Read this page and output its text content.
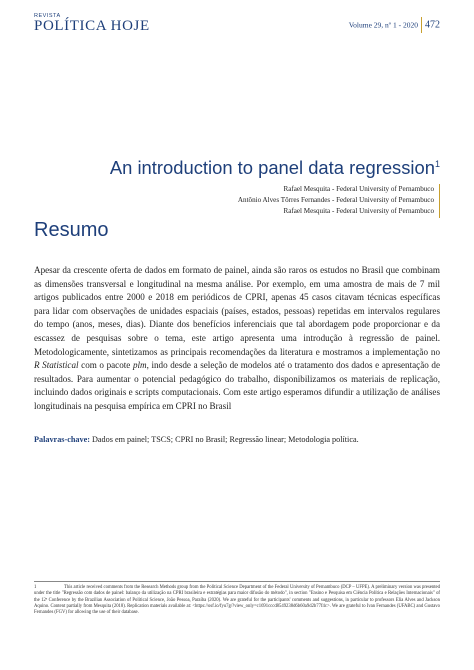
REVISTA
POLÍTICA HOJE	Volume 29, nº 1 - 2020 472
An introduction to panel data regression$^1$
Rafael Mesquita - Federal University of Pernambuco
Antônio Alves Tôrres Fernandes - Federal University of Pernambuco
Rafael Mesquita - Federal University of Pernambuco
Resumo

Apesar da crescente oferta de dados em formato de painel, ainda são raros os estudos no Brasil que combinam as dimensões transversal e longitudinal na mesma análise. Por exemplo, em uma amostra de mais de 7 mil artigos publicados entre 2000 e 2018 em periódicos de CPRI, apenas 45 casos citavam técnicas específicas para lidar com observações de unidades espaciais (países, estados, pessoas) repetidas em intervalos regulares do tempo (anos, meses, dias). Diante dos benefícios inferenciais que tal abordagem pode proporcionar e da escassez de pesquisas sobre o tema, este artigo apresenta uma introdução à regressão de painel. Metodologicamente, sintetizamos as principais recomendações da literatura e mostramos a implementação no R Statistical com o pacote plm, indo desde a seleção de modelos até o tratamento dos dados e apresentação de resultados. Para aumentar o potencial pedagógico do trabalho, disponibilizamos os materiais de replicação, incluindo dados originais e scripts computacionais. Com este artigo esperamos difundir a utilização de análises longitudinais na pesquisa empírica em CPRI no Brasil

Palavras-chave: Dados em painel; TSCS; CPRI no Brasil; Regressão linear; Metodologia política.
1	This article received comments from the Research Methods group from the Political Science Department of the Federal University of Pernambuco (DCP – UFPE). A preliminary version was presented under the title "Regressão com dados de painel: balanço da utilização na CPRI brasileira e estratégias para maior difusão do método", in section "Ensino e Pesquisa em Ciência Política e Relações Internacionais" of the 12ª Conference by the Brazilian Association of Political Science, João Pessoa, Paraíba (2020). We are grateful for the participants' comments and suggestions, in particular to professors Elia Alves and Jackson Aquino. Content partially from Mesquita (2018). Replication materials available at: <https://osf.io/fyu7g/?view_only=c1691cccd8549238d6b60a9d2b77f4c>. We are grateful to Ivan Fernandes (UFABC) and Gustavo Fernandes (FGV) for allowing the use of their database.
